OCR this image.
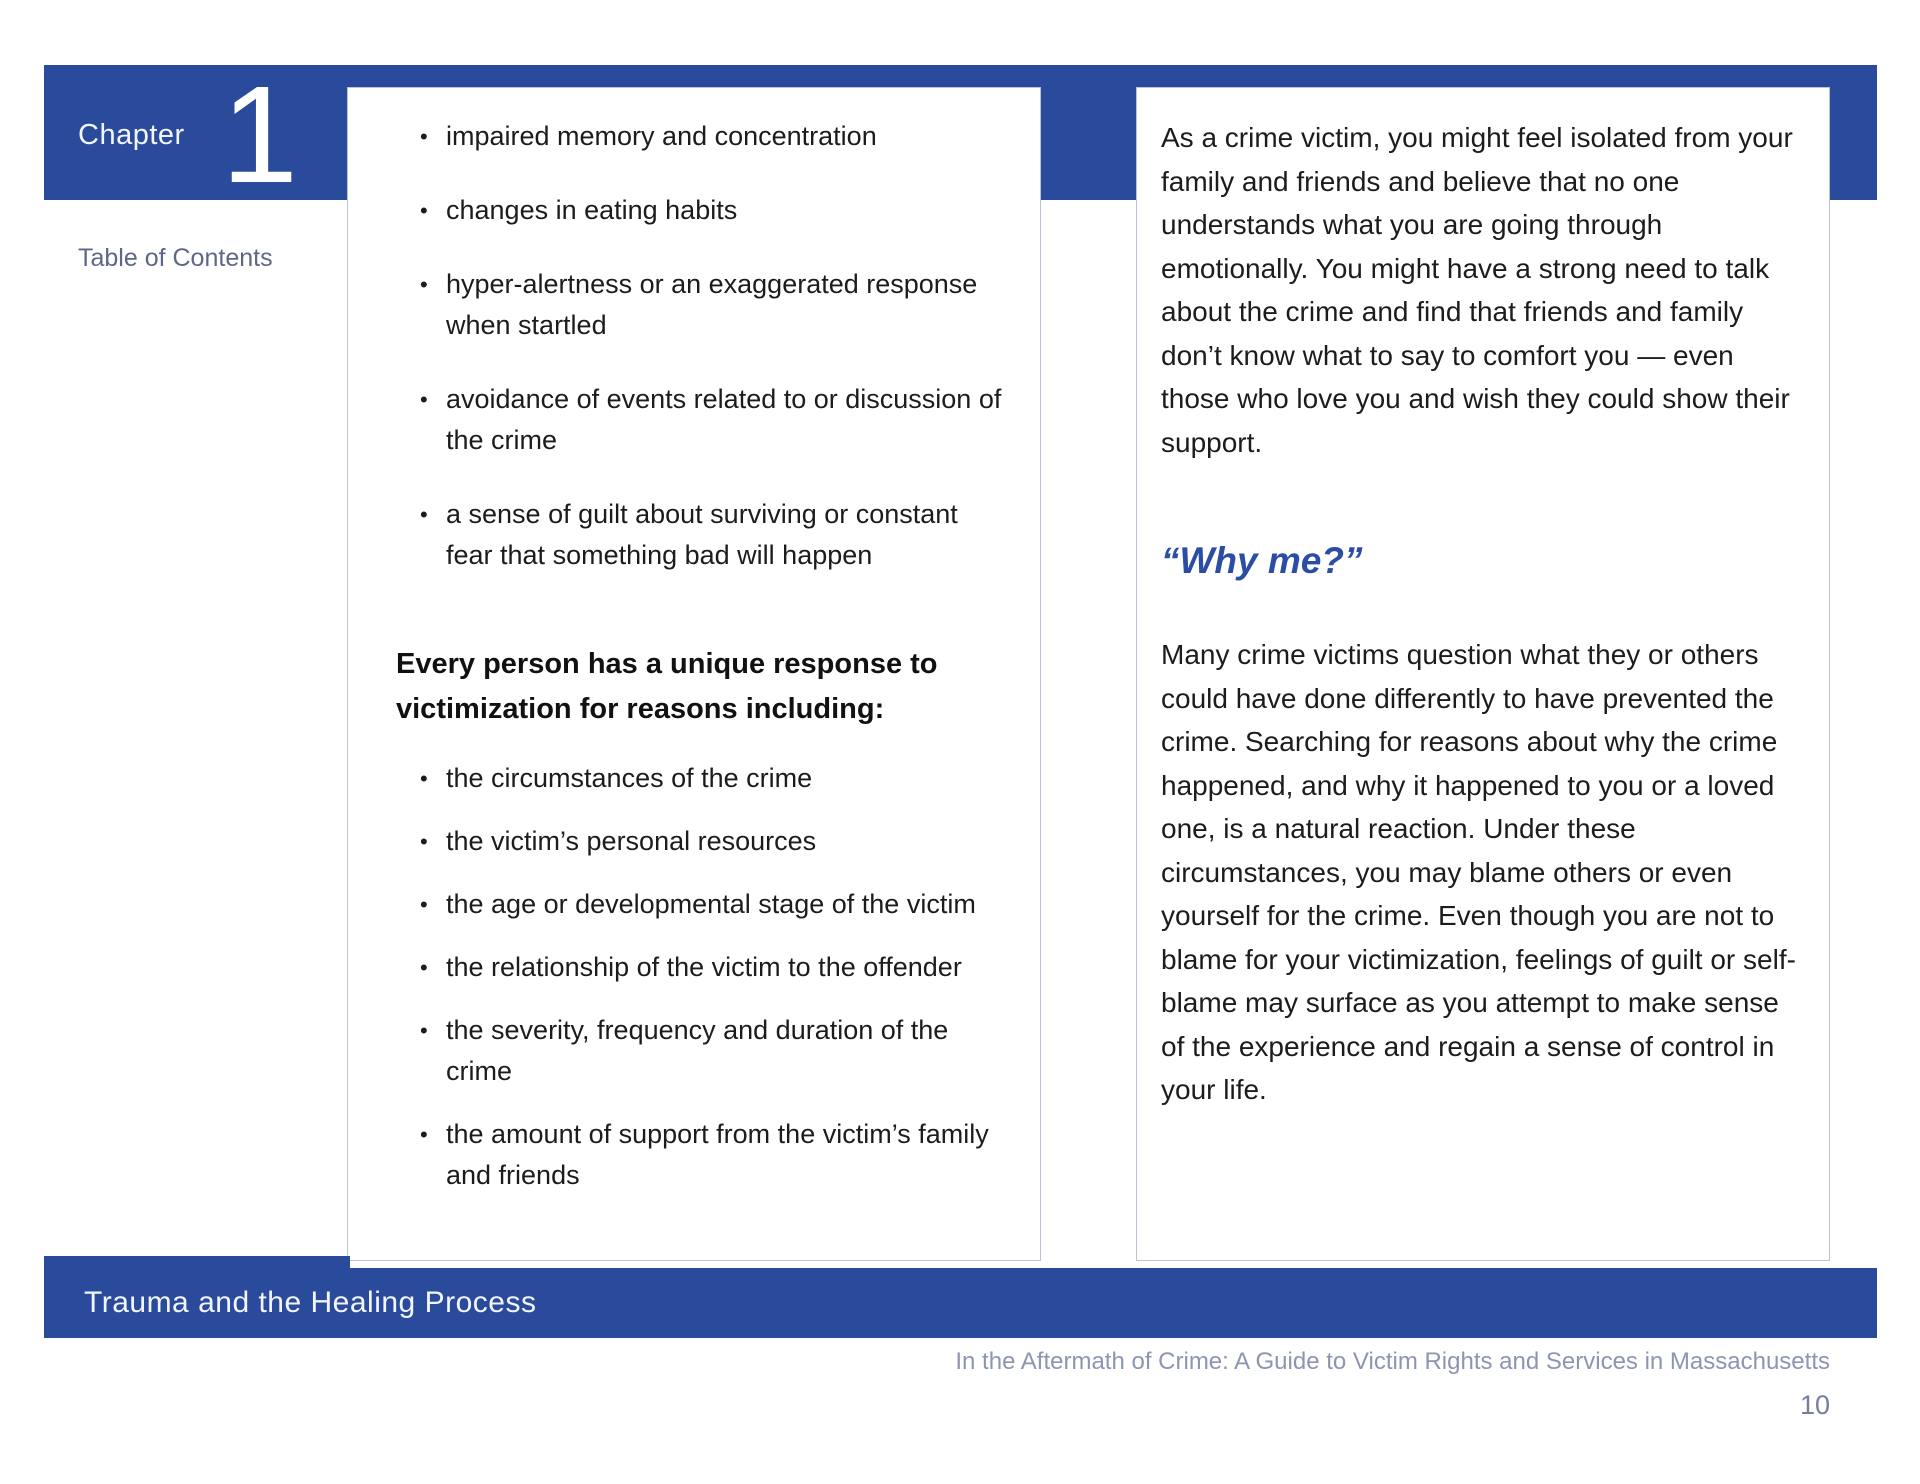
Chapter 1
Table of Contents
• impaired memory and concentration
• changes in eating habits
• hyper-alertness or an exaggerated response when startled
• avoidance of events related to or discussion of the crime
• a sense of guilt about surviving or constant fear that something bad will happen
Every person has a unique response to victimization for reasons including:
• the circumstances of the crime
• the victim’s personal resources
• the age or developmental stage of the victim
• the relationship of the victim to the offender
• the severity, frequency and duration of the crime
• the amount of support from the victim’s family and friends

As a crime victim, you might feel isolated from your family and friends and believe that no one understands what you are going through emotionally. You might have a strong need to talk about the crime and find that friends and family don’t know what to say to comfort you — even those who love you and wish they could show their support.

“Why me?”

Many crime victims question what they or others could have done differently to have prevented the crime. Searching for reasons about why the crime happened, and why it happened to you or a loved one, is a natural reaction. Under these circumstances, you may blame others or even yourself for the crime. Even though you are not to blame for your victimization, feelings of guilt or self-blame may surface as you attempt to make sense of the experience and regain a sense of control in your life.

Trauma and the Healing Process
In the Aftermath of Crime: A Guide to Victim Rights and Services in Massachusetts
10
